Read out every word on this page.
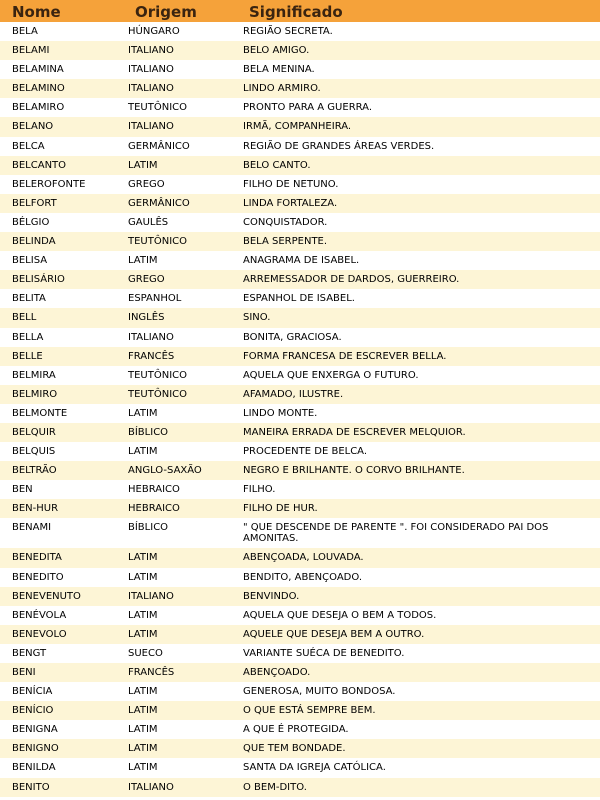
Nome	Origem	Significado
BELA	HÚNGARO	REGIÃO SECRETA.
BELAMI	ITALIANO	BELO AMIGO.
BELAMINA	ITALIANO	BELA MENINA.
BELAMINO	ITALIANO	LINDO ARMIRO.
BELAMIRO	TEUTÔNICO	PRONTO PARA A GUERRA.
BELANO	ITALIANO	IRMÃ, COMPANHEIRA.
BELCA	GERMÂNICO	REGIÃO DE GRANDES ÁREAS VERDES.
BELCANTO	LATIM	BELO CANTO.
BELEROFONTE	GREGO	FILHO DE NETUNO.
BELFORT	GERMÂNICO	LINDA FORTALEZA.
BÉLGIO	GAULÊS	CONQUISTADOR.
BELINDA	TEUTÔNICO	BELA SERPENTE.
BELISA	LATIM	ANAGRAMA DE ISABEL.
BELISÁRIO	GREGO	ARREMESSADOR DE DARDOS, GUERREIRO.
BELITA	ESPANHOL	ESPANHOL DE ISABEL.
BELL	INGLÊS	SINO.
BELLA	ITALIANO	BONITA, GRACIOSA.
BELLE	FRANCÊS	FORMA FRANCESA DE ESCREVER BELLA.
BELMIRA	TEUTÔNICO	AQUELA QUE ENXERGA O FUTURO.
BELMIRO	TEUTÔNICO	AFAMADO, ILUSTRE.
BELMONTE	LATIM	LINDO MONTE.
BELQUIR	BÍBLICO	MANEIRA ERRADA DE ESCREVER MELQUIOR.
BELQUIS	LATIM	PROCEDENTE DE BELCA.
BELTRÃO	ANGLO-SAXÃO	NEGRO E BRILHANTE. O CORVO BRILHANTE.
BEN	HEBRAICO	FILHO.
BEN-HUR	HEBRAICO	FILHO DE HUR.
BENAMI	BÍBLICO	" QUE DESCENDE DE PARENTE ". FOI CONSIDERADO PAI DOS AMONITAS.
BENEDITA	LATIM	ABENÇOADA, LOUVADA.
BENEDITO	LATIM	BENDITO, ABENÇOADO.
BENEVENUTO	ITALIANO	BENVINDO.
BENÉVOLA	LATIM	AQUELA QUE DESEJA O BEM A TODOS.
BENEVOLO	LATIM	AQUELE QUE DESEJA BEM A OUTRO.
BENGT	SUECO	VARIANTE SUÉCA DE BENEDITO.
BENI	FRANCÊS	ABENÇOADO.
BENÍCIA	LATIM	GENEROSA, MUITO BONDOSA.
BENÍCIO	LATIM	O QUE ESTÁ SEMPRE BEM.
BENIGNA	LATIM	A QUE É PROTEGIDA.
BENIGNO	LATIM	QUE TEM BONDADE.
BENILDA	LATIM	SANTA DA IGREJA CATÓLICA.
BENITO	ITALIANO	O BEM-DITO.
